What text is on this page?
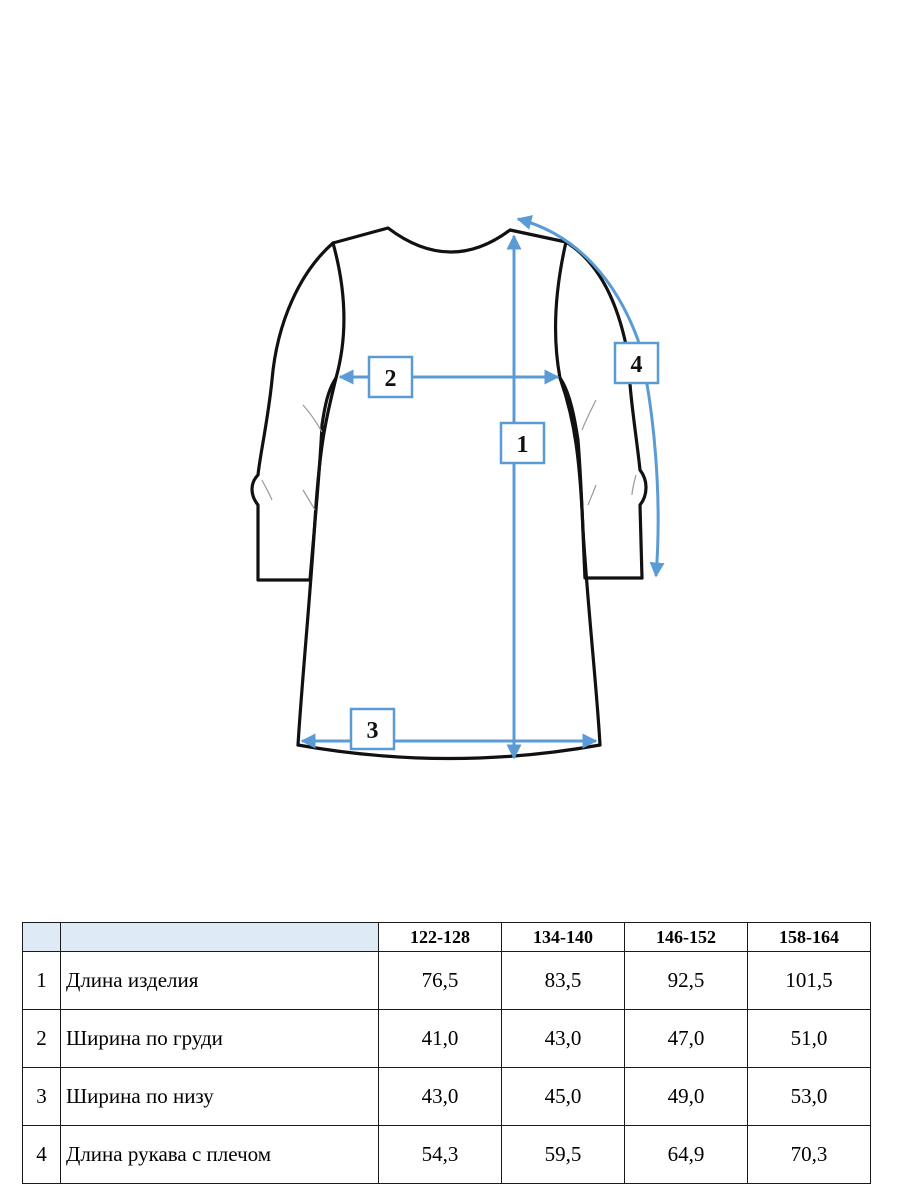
1
2
3
4
		122-128	134-140	146-152	158-164
1	Длина изделия	76,5	83,5	92,5	101,5
2	Ширина по груди	41,0	43,0	47,0	51,0
3	Ширина по низу	43,0	45,0	49,0	53,0
4	Длина рукава с плечом	54,3	59,5	64,9	70,3
